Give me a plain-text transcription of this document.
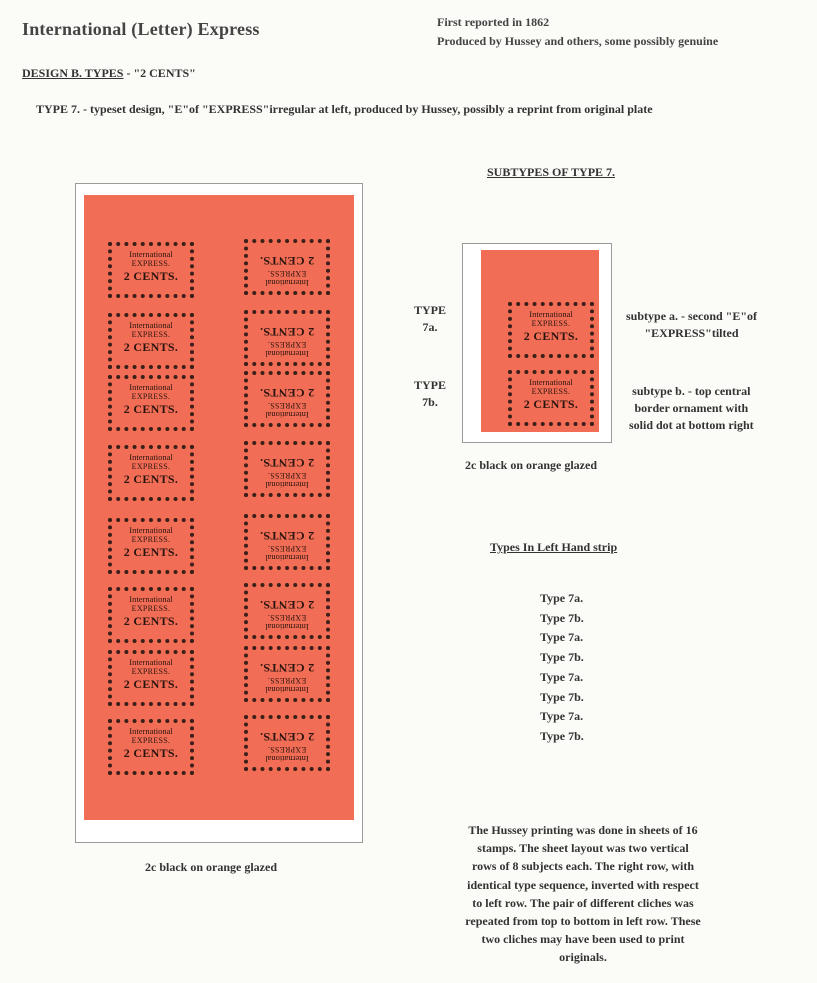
International (Letter) Express	First reported in 1862
Produced by Hussey and others, some possibly genuine
DESIGN B. TYPES - "2 CENTS"
TYPE 7. - typeset design, "E"of "EXPRESS"irregular at left, produced by Hussey, possibly a reprint from original plate
International
EXPRESS.
2 CENTS.
International
EXPRESS.
2 CENTS.
International
EXPRESS.
2 CENTS.
International
EXPRESS.
2 CENTS.
International
EXPRESS.
2 CENTS.
International
EXPRESS.
2 CENTS.
International
EXPRESS.
2 CENTS.
International
EXPRESS.
2 CENTS.
International
EXPRESS.
2 CENTS.
International
EXPRESS.
2 CENTS.
International
EXPRESS.
2 CENTS.
International
EXPRESS.
2 CENTS.
International
EXPRESS.
2 CENTS.
International
EXPRESS.
2 CENTS.
International
EXPRESS.
2 CENTS.
International
EXPRESS.
2 CENTS.
2c black on orange glazed
SUBTYPES OF TYPE 7.
International
EXPRESS.
2 CENTS.
International
EXPRESS.
2 CENTS.
TYPE
7a.
TYPE
7b.
subtype a. - second "E"of
"EXPRESS"tilted
subtype b. - top central
border ornament with
solid dot at bottom right
2c black on orange glazed
Types In Left Hand strip
Type 7a.
Type 7b.
Type 7a.
Type 7b.
Type 7a.
Type 7b.
Type 7a.
Type 7b.
The Hussey printing was done in sheets of 16
stamps. The sheet layout was two vertical
rows of 8 subjects each. The right row, with
identical type sequence, inverted with respect
to left row. The pair of different cliches was
repeated from top to bottom in left row. These
two cliches may have been used to print
originals.
